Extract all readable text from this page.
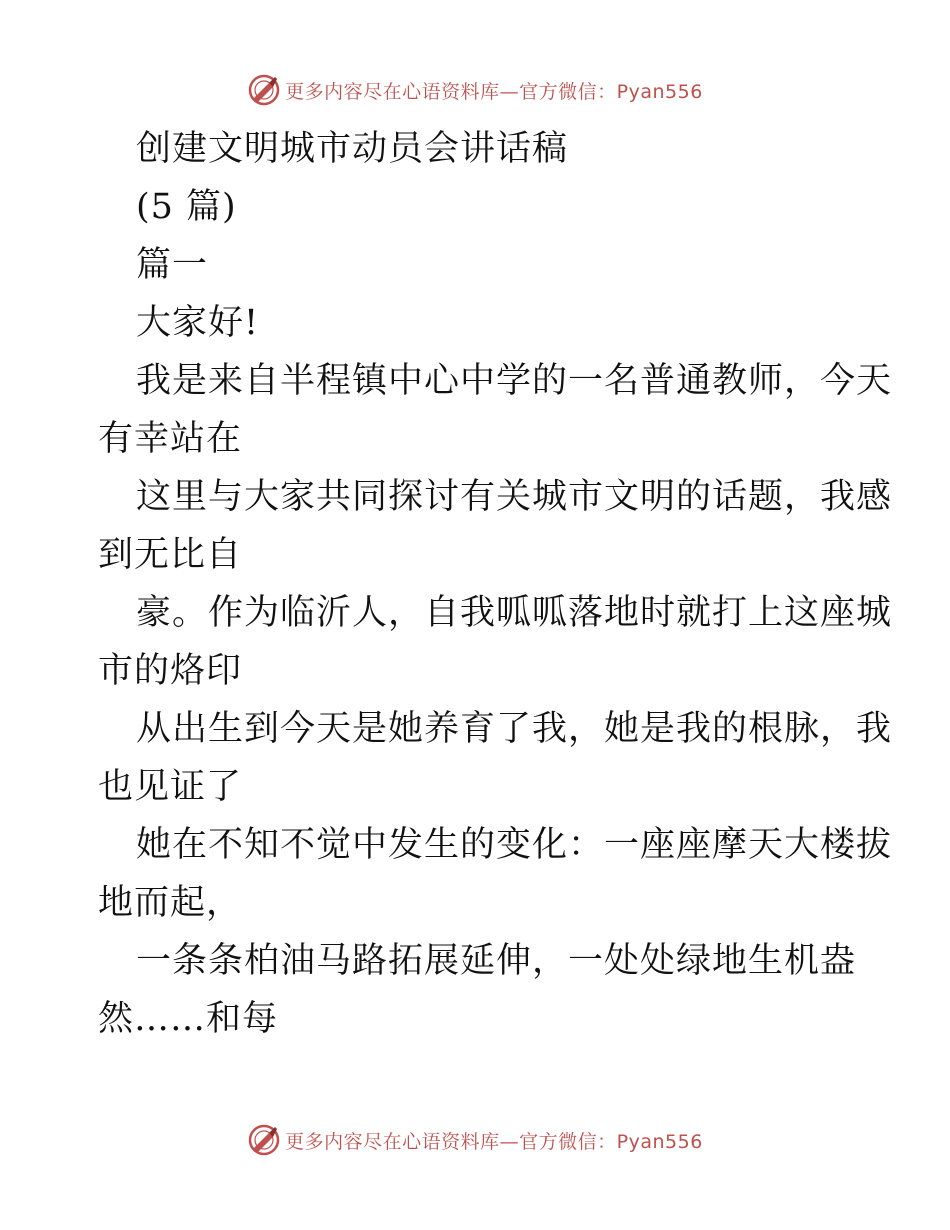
更多内容尽在心语资料库—官方微信：Pyan556
创建文明城市动员会讲话稿
(5 篇)
篇一
大家好!
我是来自半程镇中心中学的一名普通教师，今天
有幸站在
这里与大家共同探讨有关城市文明的话题，我感
到无比自
豪。作为临沂人，自我呱呱落地时就打上这座城
市的烙印
从出生到今天是她养育了我，她是我的根脉，我
也见证了
她在不知不觉中发生的变化：一座座摩天大楼拔
地而起，
一条条柏油马路拓展延伸，一处处绿地生机盎
然……和每
更多内容尽在心语资料库—官方微信：Pyan556
